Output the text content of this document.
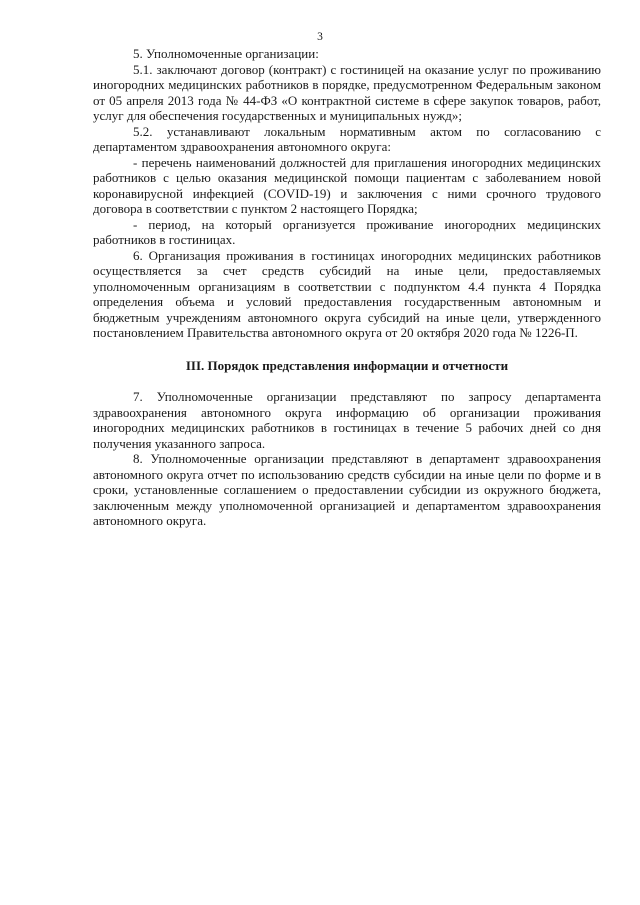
3

5. Уполномоченные организации:

5.1. заключают договор (контракт) с гостиницей на оказание услуг по проживанию иногородних медицинских работников в порядке, предусмотренном Федеральным законом от 05 апреля 2013 года № 44-ФЗ «О контрактной системе в сфере закупок товаров, работ, услуг для обеспечения государственных и муниципальных нужд»;

5.2. устанавливают локальным нормативным актом по согласованию с департаментом здравоохранения автономного округа:

- перечень наименований должностей для приглашения иногородних медицинских работников с целью оказания медицинской помощи пациентам с заболеванием новой коронавирусной инфекцией (COVID-19) и заключения с ними срочного трудового договора в соответствии с пунктом 2 настоящего Порядка;

- период, на который организуется проживание иногородних медицинских работников в гостиницах.

6. Организация проживания в гостиницах иногородних медицинских работников осуществляется за счет средств субсидий на иные цели, предоставляемых уполномоченным организациям в соответствии с подпунктом 4.4 пункта 4 Порядка определения объема и условий предоставления государственным автономным и бюджетным учреждениям автономного округа субсидий на иные цели, утвержденного постановлением Правительства автономного округа от 20 октября 2020 года № 1226-П.

III. Порядок представления информации и отчетности

7. Уполномоченные организации представляют по запросу департамента здравоохранения автономного округа информацию об организации проживания иногородних медицинских работников в гостиницах в течение 5 рабочих дней со дня получения указанного запроса.

8. Уполномоченные организации представляют в департамент здравоохранения автономного округа отчет по использованию средств субсидии на иные цели по форме и в сроки, установленные соглашением о предоставлении субсидии из окружного бюджета, заключенным между уполномоченной организацией и департаментом здравоохранения автономного округа.
